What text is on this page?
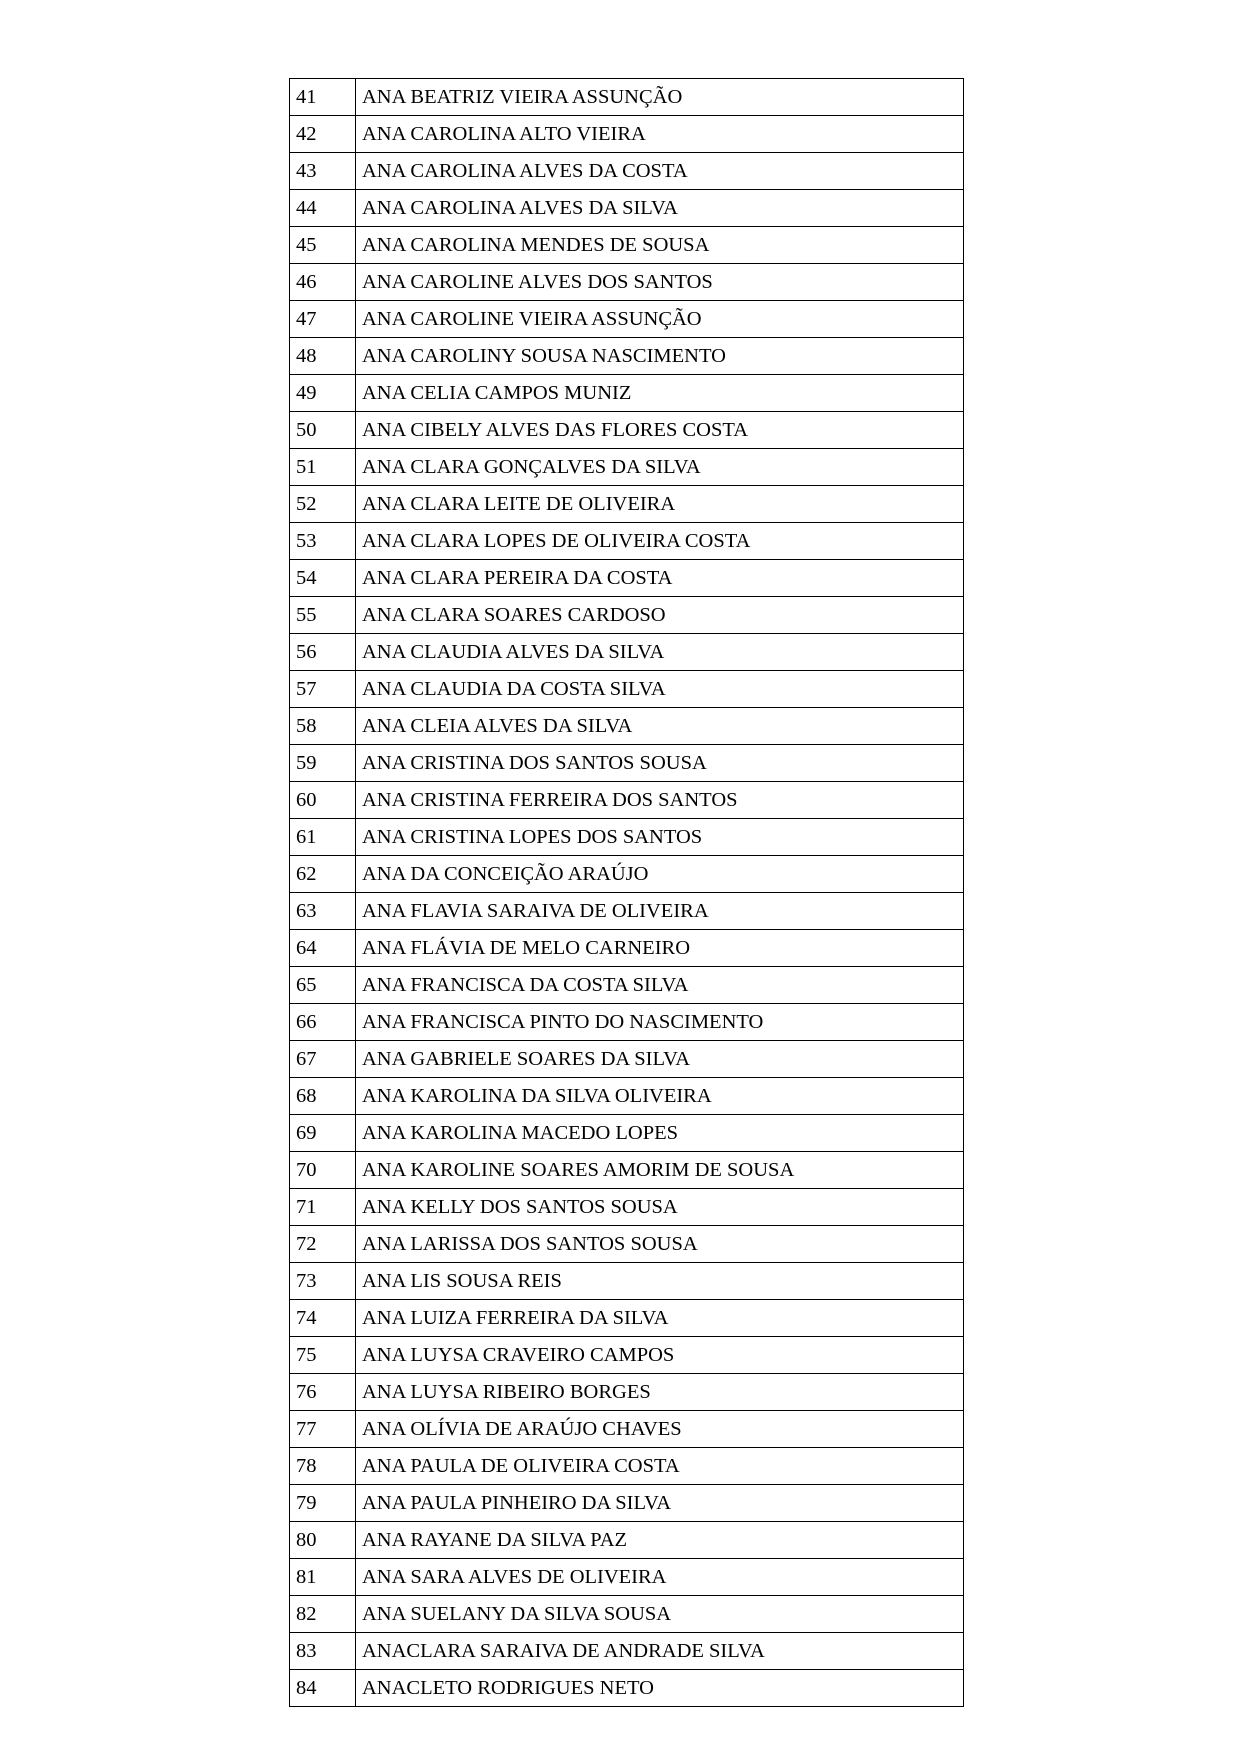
41	ANA BEATRIZ VIEIRA ASSUNÇÃO
42	ANA CAROLINA ALTO VIEIRA
43	ANA CAROLINA ALVES DA COSTA
44	ANA CAROLINA ALVES DA SILVA
45	ANA CAROLINA MENDES DE SOUSA
46	ANA CAROLINE ALVES DOS SANTOS
47	ANA CAROLINE VIEIRA ASSUNÇÃO
48	ANA CAROLINY SOUSA NASCIMENTO
49	ANA CELIA CAMPOS MUNIZ
50	ANA CIBELY ALVES DAS FLORES COSTA
51	ANA CLARA GONÇALVES DA SILVA
52	ANA CLARA LEITE DE OLIVEIRA
53	ANA CLARA LOPES DE OLIVEIRA COSTA
54	ANA CLARA PEREIRA DA COSTA
55	ANA CLARA SOARES CARDOSO
56	ANA CLAUDIA ALVES DA SILVA
57	ANA CLAUDIA DA COSTA SILVA
58	ANA CLEIA ALVES DA SILVA
59	ANA CRISTINA DOS SANTOS SOUSA
60	ANA CRISTINA FERREIRA DOS SANTOS
61	ANA CRISTINA LOPES DOS SANTOS
62	ANA DA CONCEIÇÃO ARAÚJO
63	ANA FLAVIA SARAIVA DE OLIVEIRA
64	ANA FLÁVIA DE MELO CARNEIRO
65	ANA FRANCISCA DA COSTA SILVA
66	ANA FRANCISCA PINTO DO NASCIMENTO
67	ANA GABRIELE SOARES DA SILVA
68	ANA KAROLINA DA SILVA OLIVEIRA
69	ANA KAROLINA MACEDO LOPES
70	ANA KAROLINE SOARES AMORIM DE SOUSA
71	ANA KELLY DOS SANTOS SOUSA
72	ANA LARISSA DOS SANTOS SOUSA
73	ANA LIS SOUSA REIS
74	ANA LUIZA FERREIRA DA SILVA
75	ANA LUYSA CRAVEIRO CAMPOS
76	ANA LUYSA RIBEIRO BORGES
77	ANA OLÍVIA DE ARAÚJO CHAVES
78	ANA PAULA DE OLIVEIRA COSTA
79	ANA PAULA PINHEIRO DA SILVA
80	ANA RAYANE DA SILVA PAZ
81	ANA SARA ALVES DE OLIVEIRA
82	ANA SUELANY DA SILVA SOUSA
83	ANACLARA SARAIVA DE ANDRADE SILVA
84	ANACLETO RODRIGUES NETO
